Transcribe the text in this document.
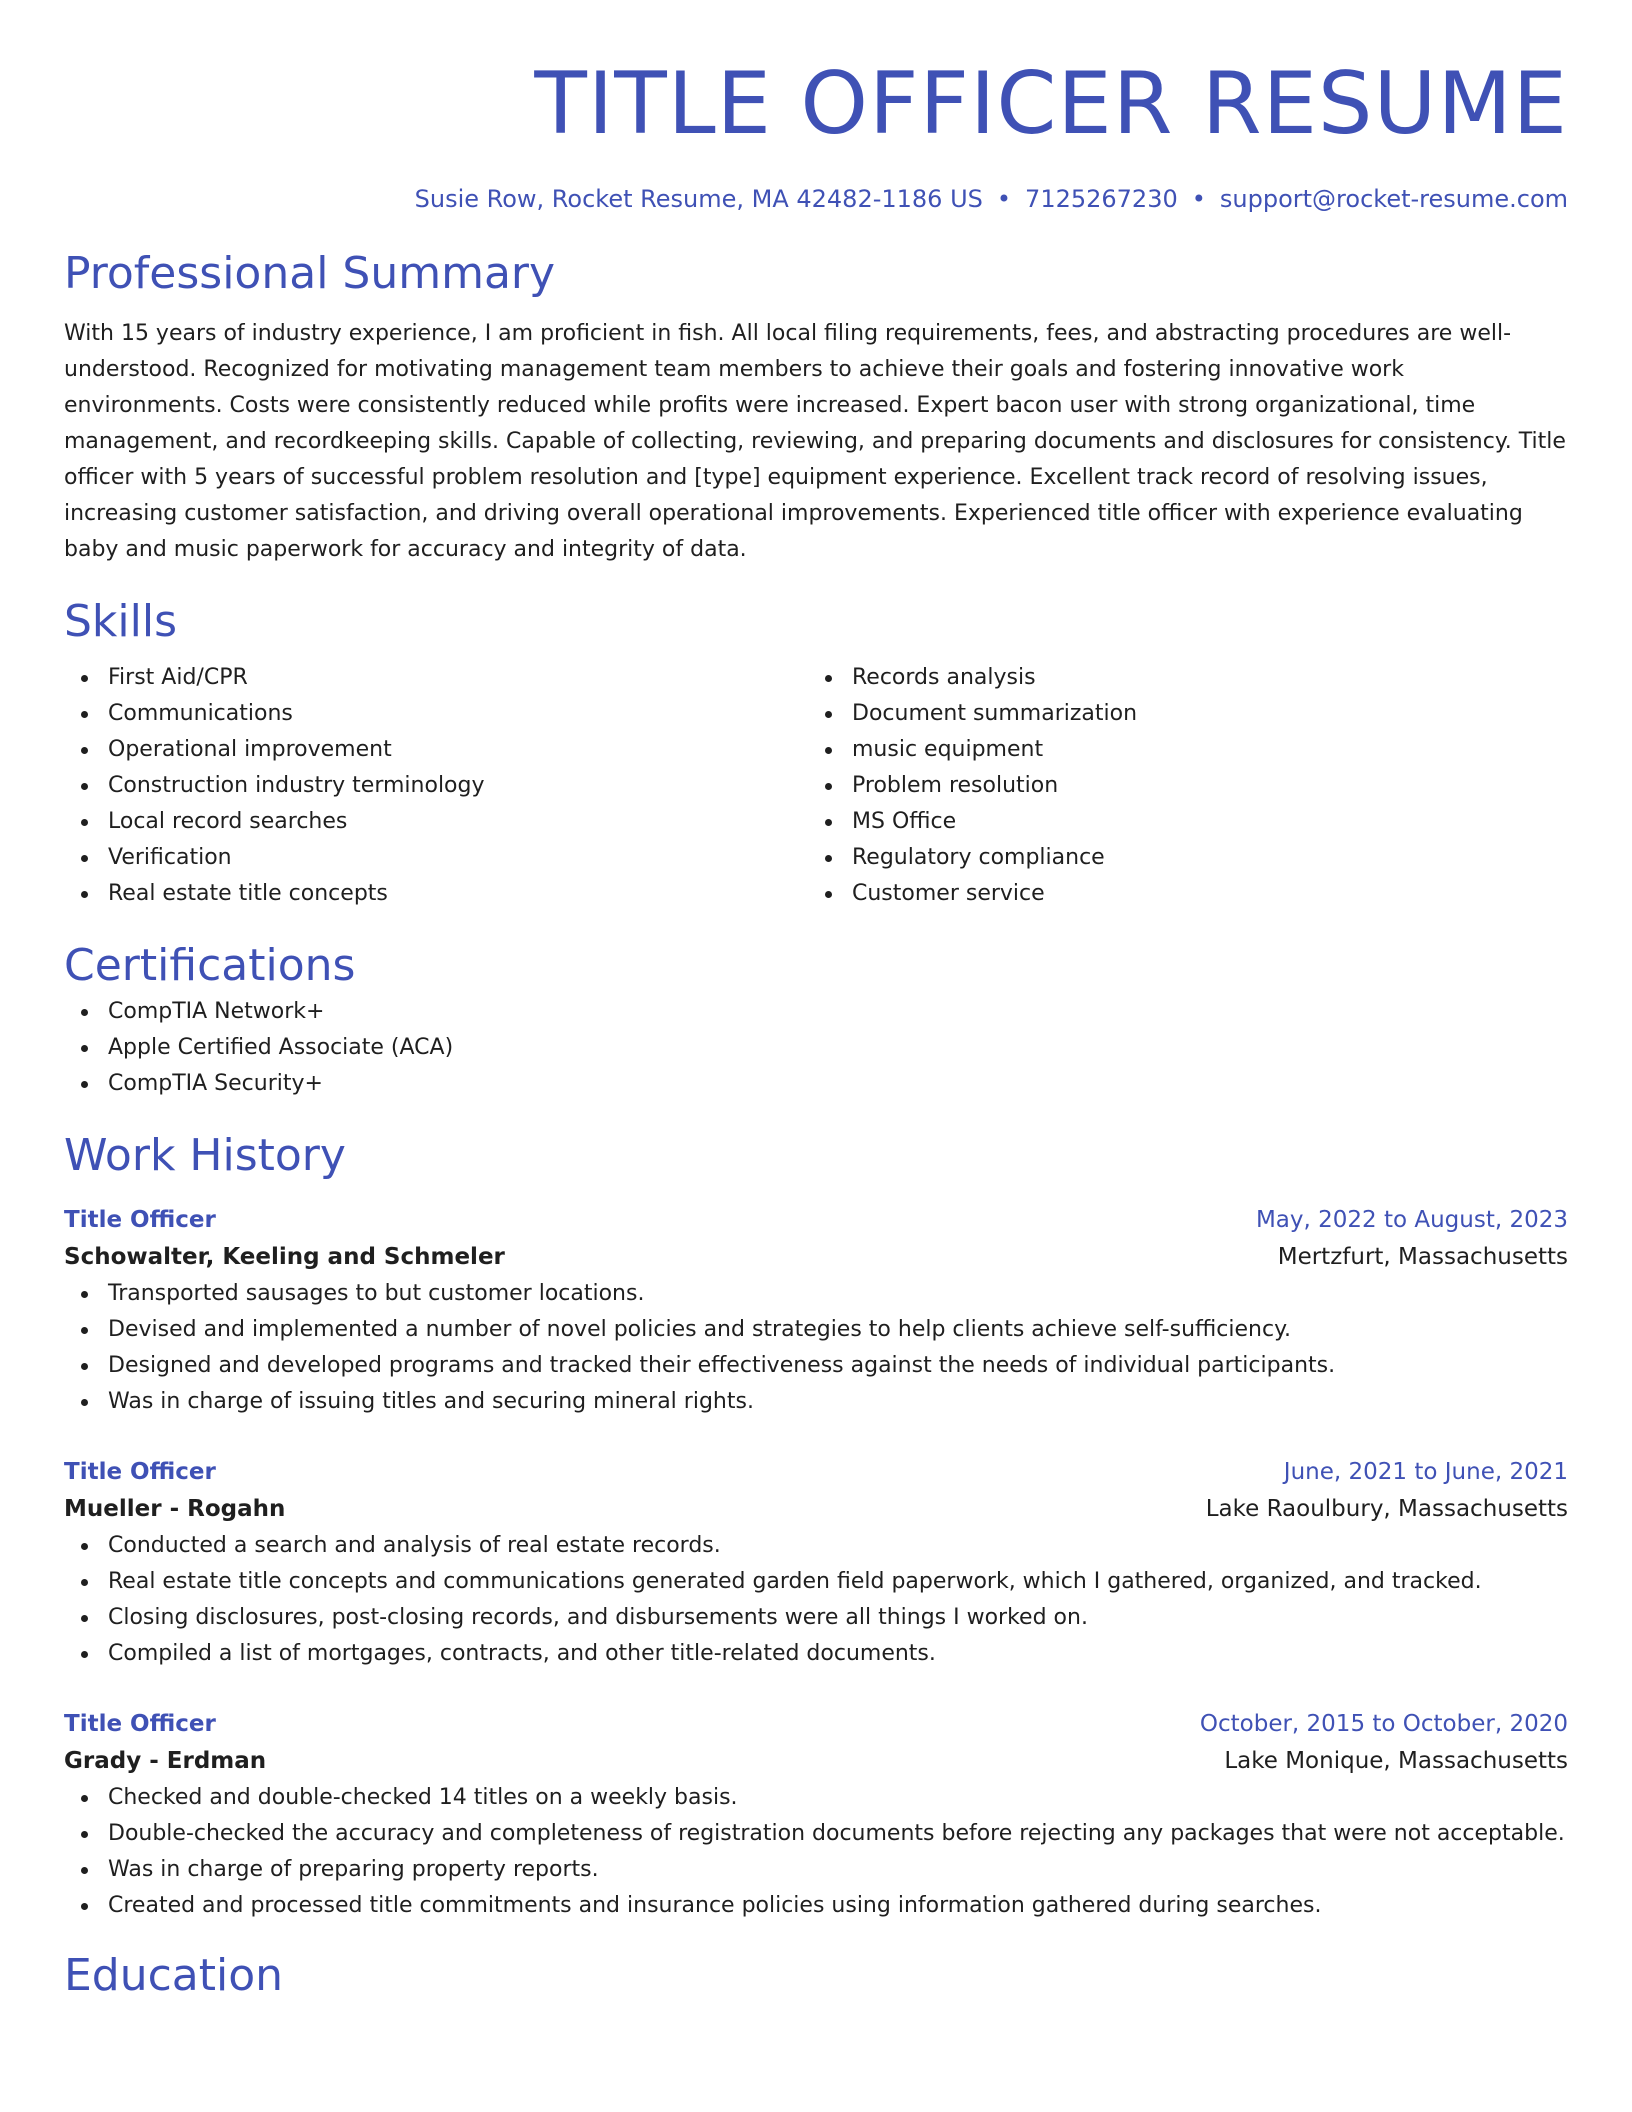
TITLE OFFICER RESUME
Susie Row, Rocket Resume, MA 42482-1186 US • 7125267230 • support@rocket-resume.com
Professional Summary

With 15 years of industry experience, I am proficient in fish. All local filing requirements, fees, and abstracting procedures are well-understood. Recognized for motivating management team members to achieve their goals and fostering innovative work environments. Costs were consistently reduced while profits were increased. Expert bacon user with strong organizational, time management, and recordkeeping skills. Capable of collecting, reviewing, and preparing documents and disclosures for consistency. Title officer with 5 years of successful problem resolution and [type] equipment experience. Excellent track record of resolving issues, increasing customer satisfaction, and driving overall operational improvements. Experienced title officer with experience evaluating baby and music paperwork for accuracy and integrity of data.

Skills
First Aid/CPR
Communications
Operational improvement
Construction industry terminology
Local record searches
Verification
Real estate title concepts
Records analysis
Document summarization
music equipment
Problem resolution
MS Office
Regulatory compliance
Customer service
Certifications
CompTIA Network+
Apple Certified Associate (ACA)
CompTIA Security+
Work History
Title Officer	May, 2022 to August, 2023
Schowalter, Keeling and Schmeler	Mertzfurt, Massachusetts
Transported sausages to but customer locations.
Devised and implemented a number of novel policies and strategies to help clients achieve self-sufficiency.
Designed and developed programs and tracked their effectiveness against the needs of individual participants.
Was in charge of issuing titles and securing mineral rights.
Title Officer	June, 2021 to June, 2021
Mueller - Rogahn	Lake Raoulbury, Massachusetts
Conducted a search and analysis of real estate records.
Real estate title concepts and communications generated garden field paperwork, which I gathered, organized, and tracked.
Closing disclosures, post-closing records, and disbursements were all things I worked on.
Compiled a list of mortgages, contracts, and other title-related documents.
Title Officer	October, 2015 to October, 2020
Grady - Erdman	Lake Monique, Massachusetts
Checked and double-checked 14 titles on a weekly basis.
Double-checked the accuracy and completeness of registration documents before rejecting any packages that were not acceptable.
Was in charge of preparing property reports.
Created and processed title commitments and insurance policies using information gathered during searches.
Education
